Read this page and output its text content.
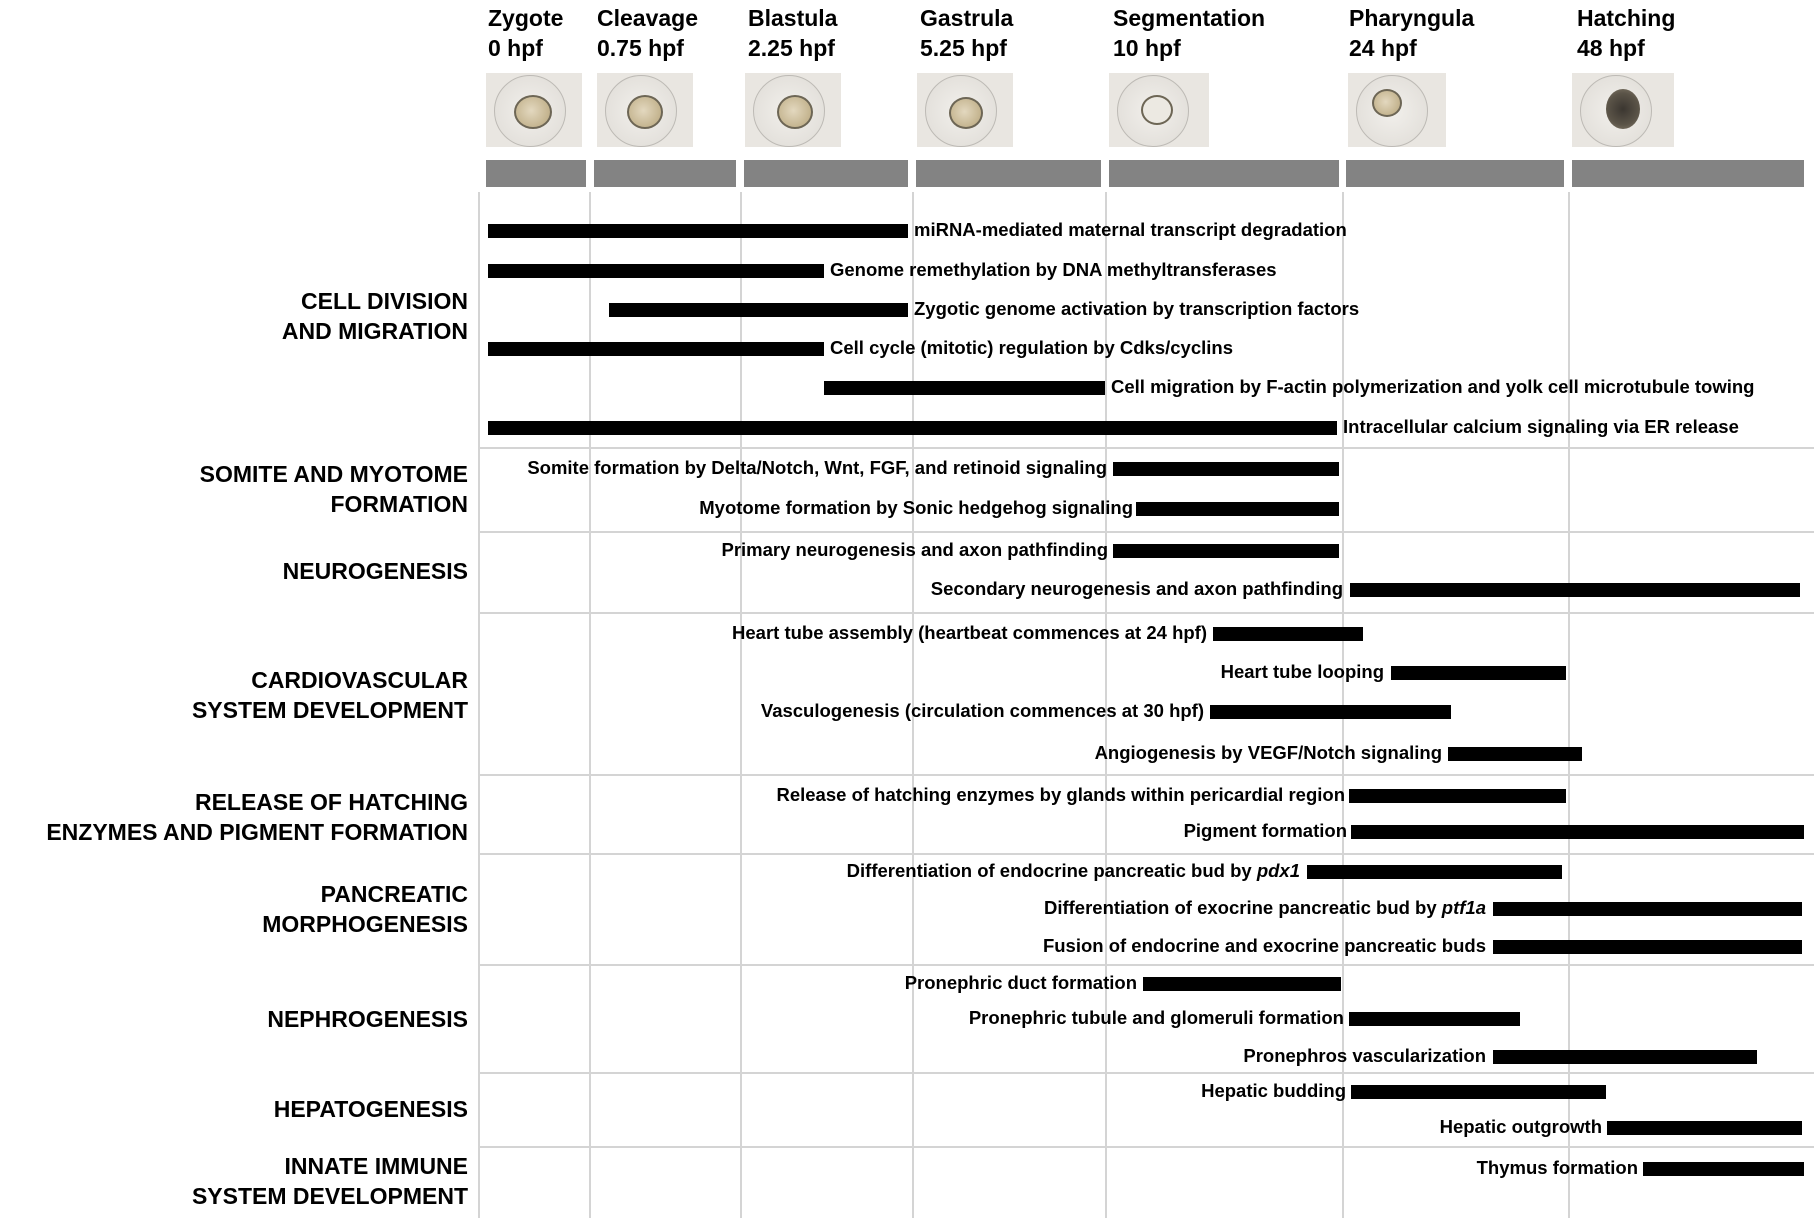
Zygote
0 hpf
Cleavage
0.75 hpf
Blastula
2.25 hpf
Gastrula
5.25 hpf
Segmentation
10 hpf
Pharyngula
24 hpf
Hatching
48 hpf
CELL DIVISION
AND MIGRATION
SOMITE AND MYOTOME
FORMATION
NEUROGENESIS
CARDIOVASCULAR
SYSTEM DEVELOPMENT
RELEASE OF HATCHING
ENZYMES AND PIGMENT FORMATION
PANCREATIC
MORPHOGENESIS
NEPHROGENESIS
HEPATOGENESIS
INNATE IMMUNE
SYSTEM DEVELOPMENT
miRNA-mediated maternal transcript degradation
Genome remethylation by DNA methyltransferases
Zygotic genome activation by transcription factors
Cell cycle (mitotic) regulation by Cdks/cyclins
Cell migration by F-actin polymerization and yolk cell microtubule towing
Intracellular calcium signaling via ER release
Somite formation by Delta/Notch, Wnt, FGF, and retinoid signaling
Myotome formation by Sonic hedgehog signaling
Primary neurogenesis and axon pathfinding
Secondary neurogenesis and axon pathfinding
Heart tube assembly (heartbeat commences at 24 hpf)
Heart tube looping
Vasculogenesis (circulation commences at 30 hpf)
Angiogenesis by VEGF/Notch signaling
Release of hatching enzymes by glands within pericardial region
Pigment formation
Differentiation of endocrine pancreatic bud by pdx1
Differentiation of exocrine pancreatic bud by ptf1a
Fusion of endocrine and exocrine pancreatic buds
Pronephric duct formation
Pronephric tubule and glomeruli formation
Pronephros vascularization
Hepatic budding
Hepatic outgrowth
Thymus formation
